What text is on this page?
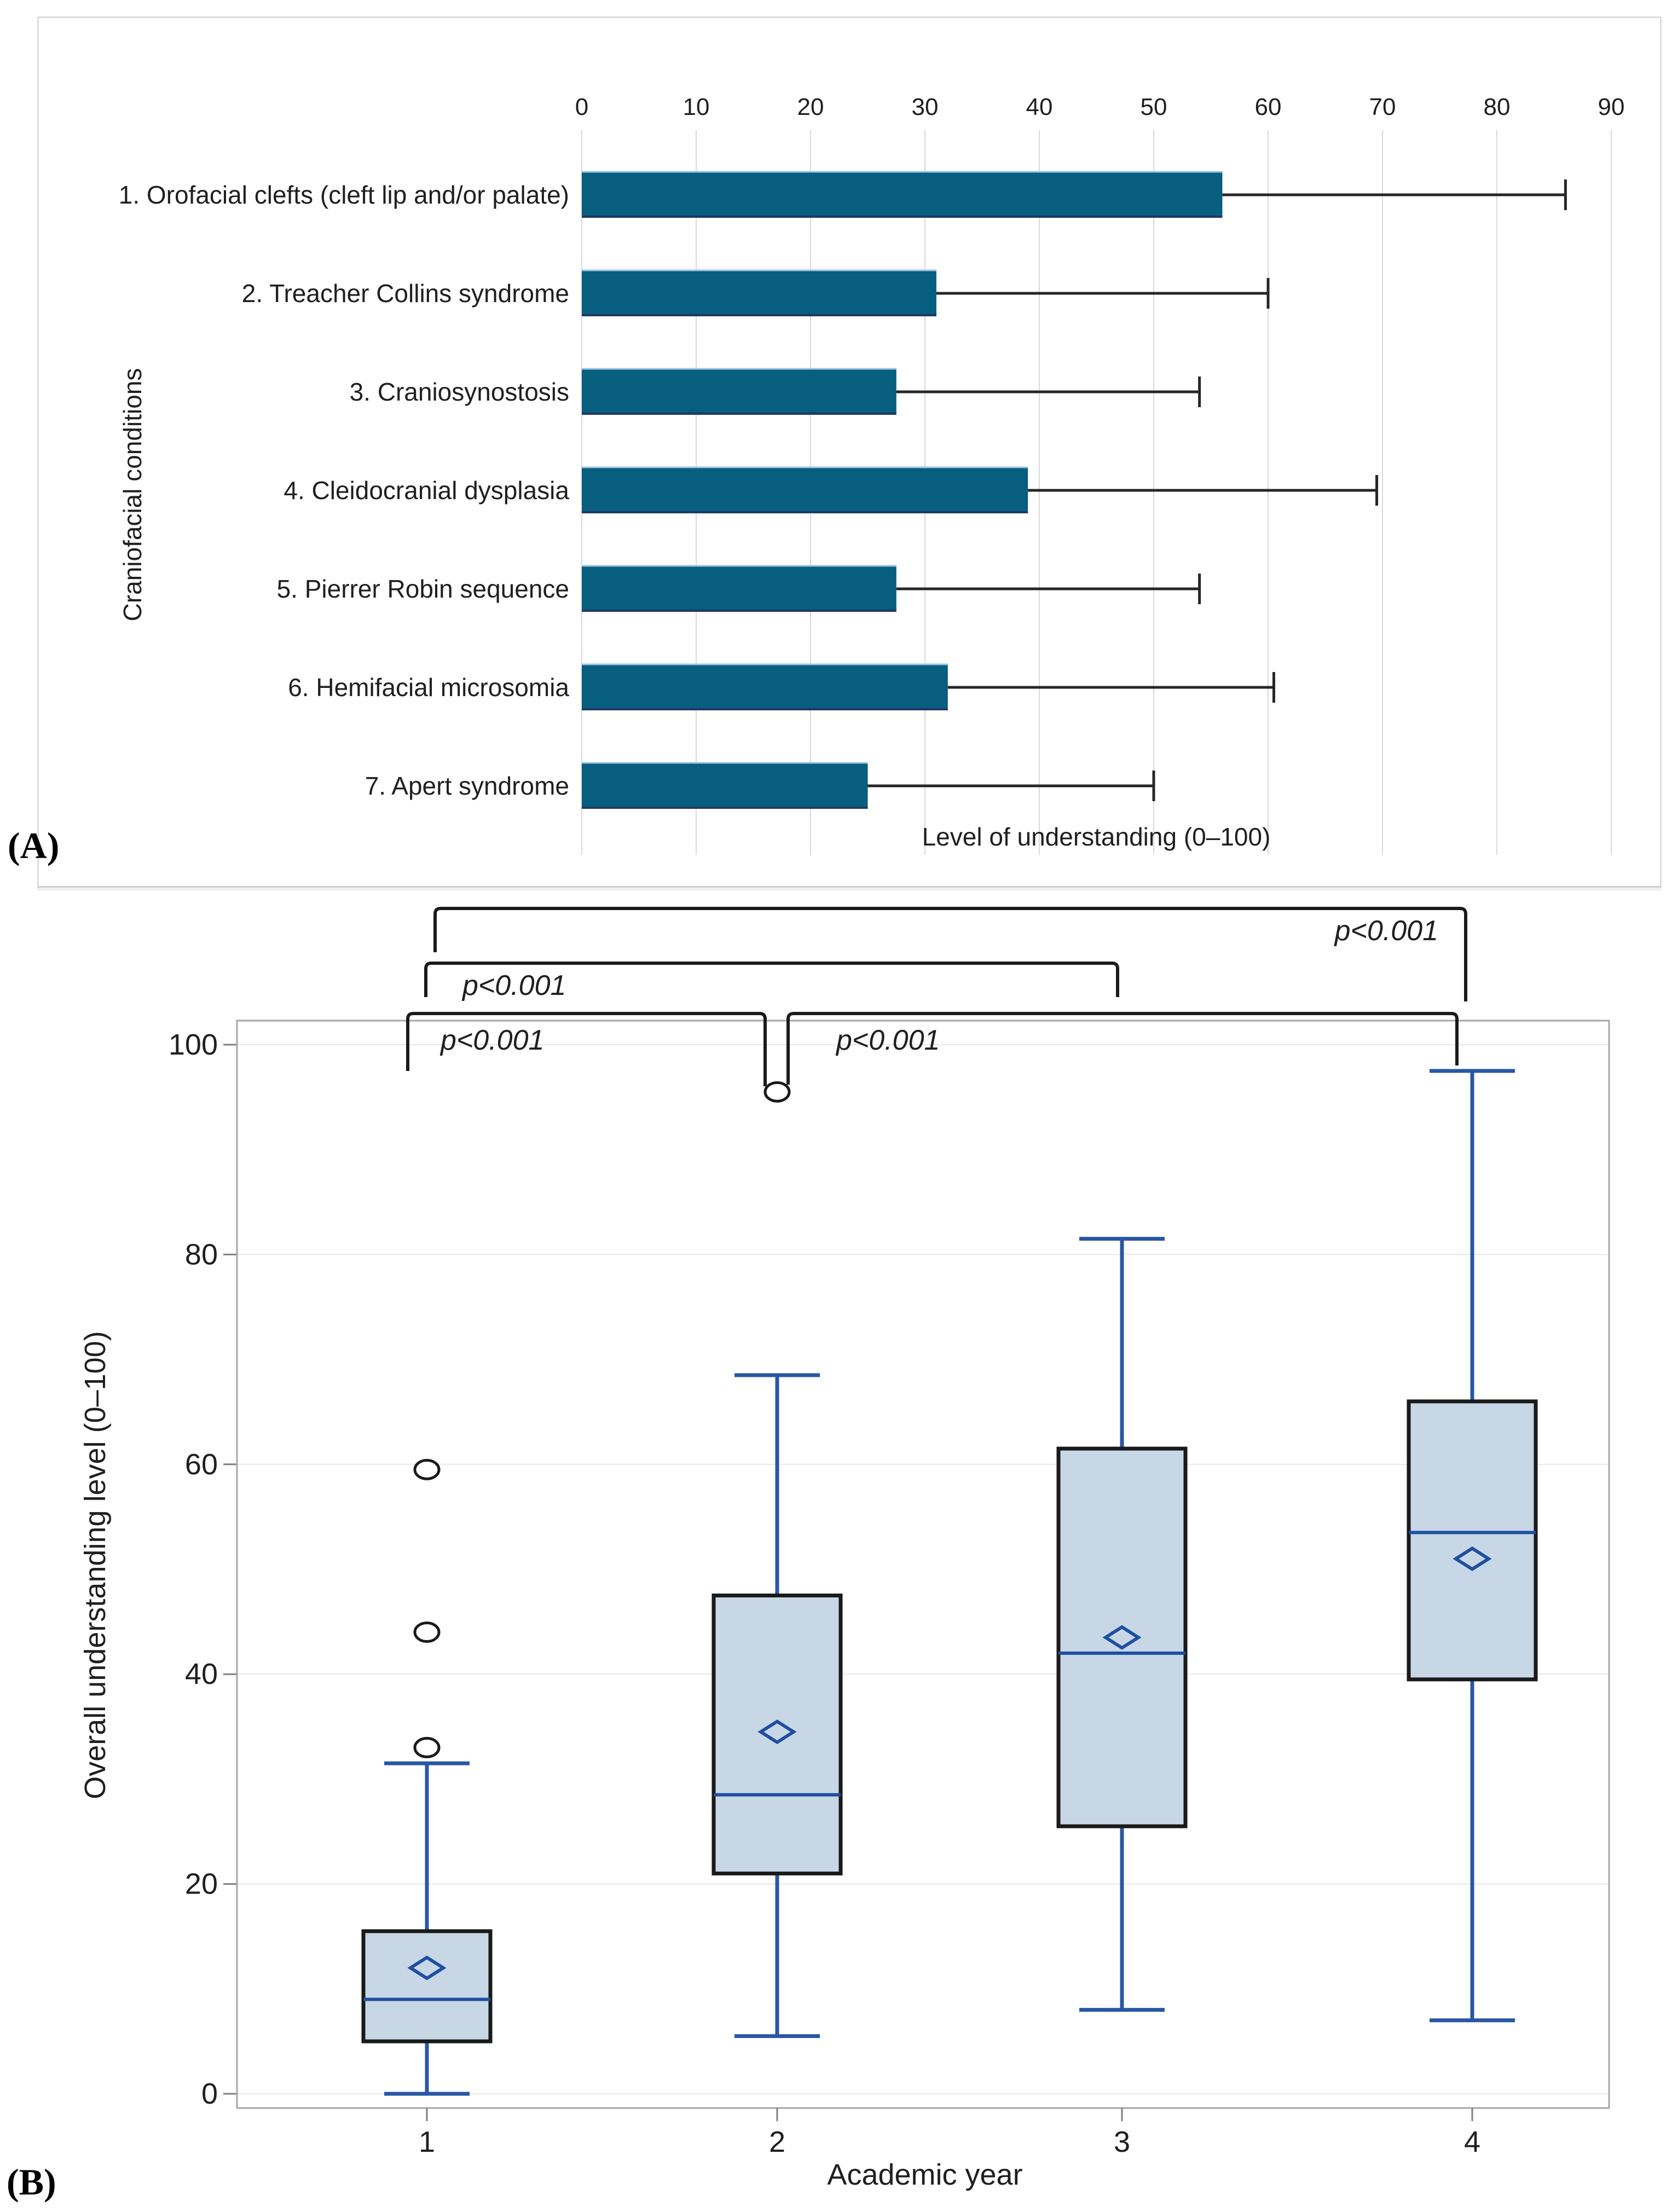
0	10	20	30	40	50	60	70	80	90
1. Orofacial clefts (cleft lip and/or palate)
2. Treacher Collins syndrome
3. Craniosynostosis
4. Cleidocranial dysplasia
5. Pierrer Robin sequence
6. Hemifacial microsomia
7. Apert syndrome
Craniofacial conditions
Level of understanding (0–100)
(A)
0
20
40
60
80
100
1	2	3	4
Academic year
Overall understanding level (0–100)
p<0.001
p<0.001
p<0.001
p<0.001
(B)
